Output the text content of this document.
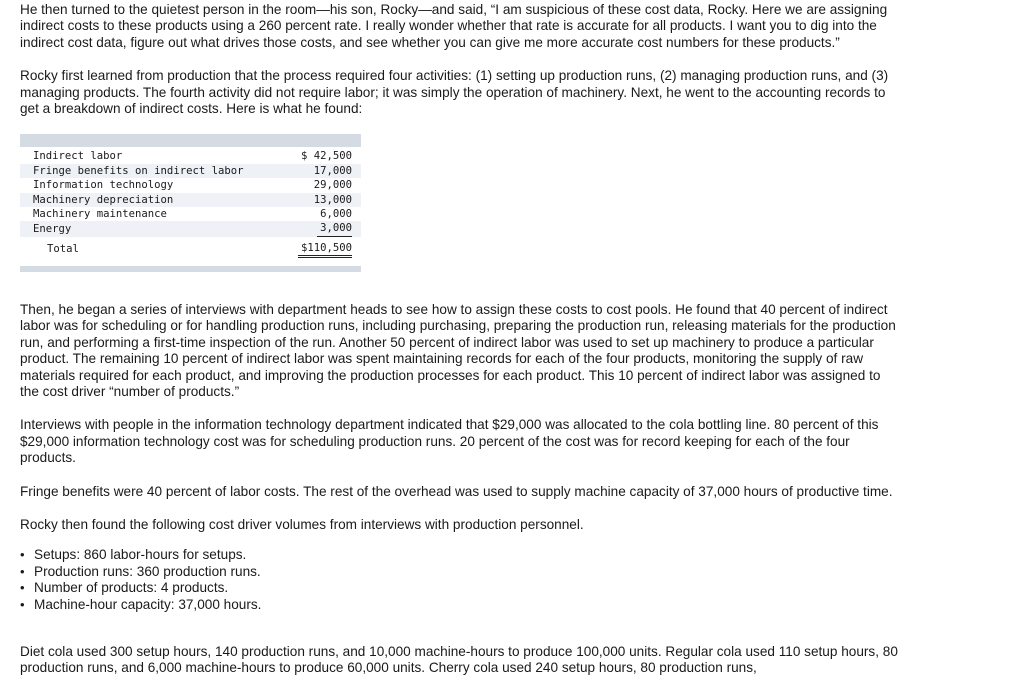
He then turned to the quietest person in the room—his son, Rocky—and said, “I am suspicious of these cost data, Rocky. Here we are assigning indirect costs to these products using a 260 percent rate. I really wonder whether that rate is accurate for all products. I want you to dig into the indirect cost data, figure out what drives those costs, and see whether you can give me more accurate cost numbers for these products.”

Rocky first learned from production that the process required four activities: (1) setting up production runs, (2) managing production runs, and (3) managing products. The fourth activity did not require labor; it was simply the operation of machinery. Next, he went to the accounting records to get a breakdown of indirect costs. Here is what he found:

Indirect labor	$ 42,500
Fringe benefits on indirect labor	17,000
Information technology	29,000
Machinery depreciation	13,000
Machinery maintenance	6,000
Energy	3,000
Total	$110,500

Then, he began a series of interviews with department heads to see how to assign these costs to cost pools. He found that 40 percent of indirect labor was for scheduling or for handling production runs, including purchasing, preparing the production run, releasing materials for the production run, and performing a first-time inspection of the run. Another 50 percent of indirect labor was used to set up machinery to produce a particular product. The remaining 10 percent of indirect labor was spent maintaining records for each of the four products, monitoring the supply of raw materials required for each product, and improving the production processes for each product. This 10 percent of indirect labor was assigned to the cost driver “number of products.”

Interviews with people in the information technology department indicated that $29,000 was allocated to the cola bottling line. 80 percent of this $29,000 information technology cost was for scheduling production runs. 20 percent of the cost was for record keeping for each of the four products.

Fringe benefits were 40 percent of labor costs. The rest of the overhead was used to supply machine capacity of 37,000 hours of productive time.

Rocky then found the following cost driver volumes from interviews with production personnel.

• Setups: 860 labor-hours for setups.
• Production runs: 360 production runs.
• Number of products: 4 products.
• Machine-hour capacity: 37,000 hours.

Diet cola used 300 setup hours, 140 production runs, and 10,000 machine-hours to produce 100,000 units. Regular cola used 110 setup hours, 80 production runs, and 6,000 machine-hours to produce 60,000 units. Cherry cola used 240 setup hours, 80 production runs,
